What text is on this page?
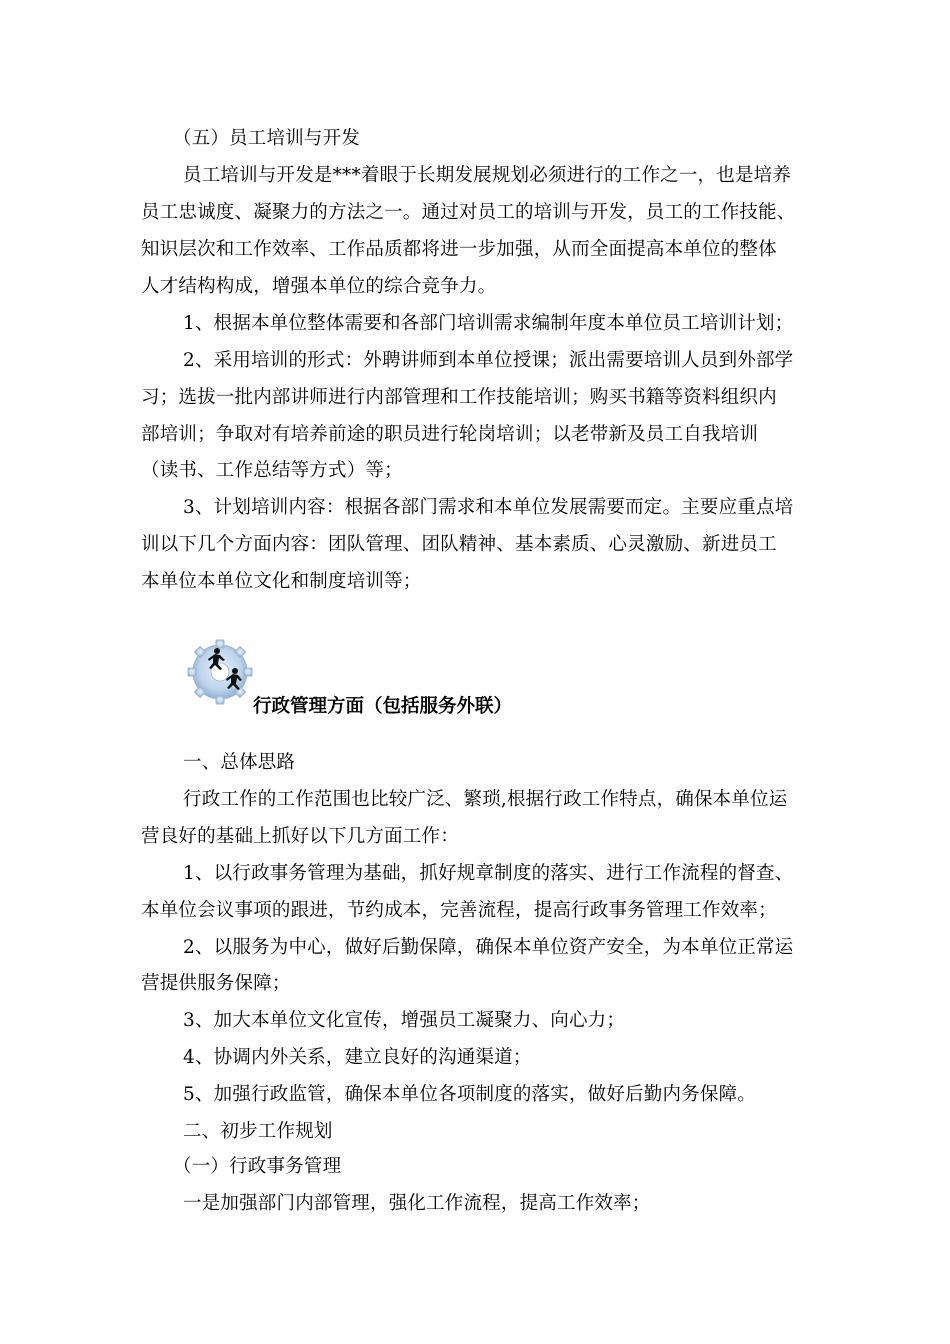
（五）员工培训与开发
员工培训与开发是***着眼于长期发展规划必须进行的工作之一，也是培养
员工忠诚度、凝聚力的方法之一。通过对员工的培训与开发，员工的工作技能、
知识层次和工作效率、工作品质都将进一步加强，从而全面提高本单位的整体
人才结构构成，增强本单位的综合竞争力。
1、根据本单位整体需要和各部门培训需求编制年度本单位员工培训计划；
2、采用培训的形式：外聘讲师到本单位授课；派出需要培训人员到外部学
习；选拔一批内部讲师进行内部管理和工作技能培训；购买书籍等资料组织内
部培训；争取对有培养前途的职员进行轮岗培训；以老带新及员工自我培训
（读书、工作总结等方式）等；
3、计划培训内容：根据各部门需求和本单位发展需要而定。主要应重点培
训以下几个方面内容：团队管理、团队精神、基本素质、心灵激励、新进员工
本单位本单位文化和制度培训等；
行政管理方面（包括服务外联）
一、总体思路
行政工作的工作范围也比较广泛、繁琐,根据行政工作特点，确保本单位运
营良好的基础上抓好以下几方面工作：
1、以行政事务管理为基础，抓好规章制度的落实、进行工作流程的督查、
本单位会议事项的跟进，节约成本，完善流程，提高行政事务管理工作效率；
2、以服务为中心，做好后勤保障，确保本单位资产安全，为本单位正常运
营提供服务保障；
3、加大本单位文化宣传，增强员工凝聚力、向心力；
4、协调内外关系，建立良好的沟通渠道；
5、加强行政监管，确保本单位各项制度的落实，做好后勤内务保障。
二、初步工作规划
（一）行政事务管理
一是加强部门内部管理，强化工作流程，提高工作效率；
